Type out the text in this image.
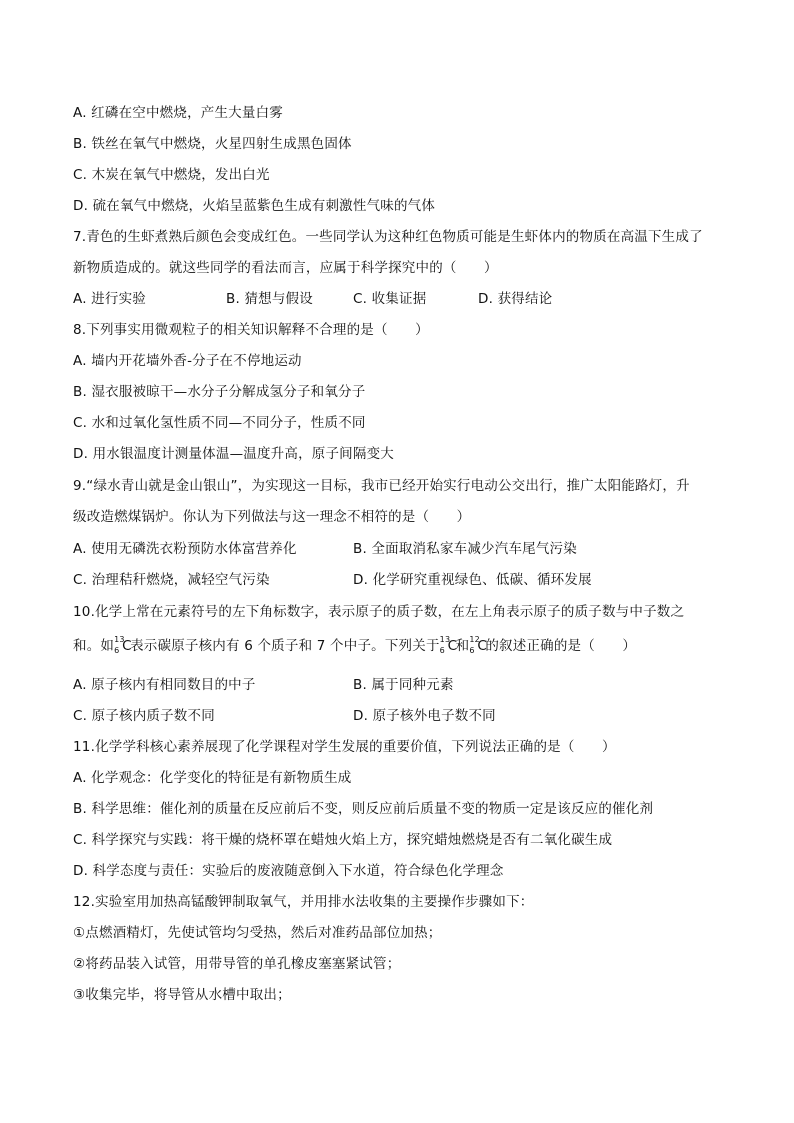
A. 红磷在空中燃烧，产生大量白雾
B. 铁丝在氧气中燃烧，火星四射生成黑色固体
C. 木炭在氧气中燃烧，发出白光
D. 硫在氧气中燃烧，火焰呈蓝紫色生成有刺激性气味的气体
7.青色的生虾煮熟后颜色会变成红色。一些同学认为这种红色物质可能是生虾体内的物质在高温下生成了
新物质造成的。就这些同学的看法而言，应属于科学探究中的（　　）
A. 进行实验	B. 猜想与假设	C. 收集证据	D. 获得结论
8.下列事实用微观粒子的相关知识解释不合理的是（　　）
A. 墙内开花墙外香-分子在不停地运动
B. 湿衣服被晾干—水分子分解成氢分子和氧分子
C. 水和过氧化氢性质不同—不同分子，性质不同
D. 用水银温度计测量体温—温度升高，原子间隔变大
9.“绿水青山就是金山银山”，为实现这一目标，我市已经开始实行电动公交出行，推广太阳能路灯，升
级改造燃煤锅炉。你认为下列做法与这一理念不相符的是（　　）
A. 使用无磷洗衣粉预防水体富营养化	B. 全面取消私家车减少汽车尾气污染
C. 治理秸秆燃烧，减轻空气污染	D. 化学研究重视绿色、低碳、循环发展
10.化学上常在元素符号的左下角标数字，表示原子的质子数，在左上角表示原子的质子数与中子数之
和。如 13
6 C
表示碳原子核内有 6 个质子和 7 个中子。下列关于 13
6 C
和 12
6 C
的叙述正确的是（　　）
A. 原子核内有相同数目的中子	B. 属于同种元素
C. 原子核内质子数不同	D. 原子核外电子数不同
11.化学学科核心素养展现了化学课程对学生发展的重要价值，下列说法正确的是（　　）
A. 化学观念：化学变化的特征是有新物质生成
B. 科学思维：催化剂的质量在反应前后不变，则反应前后质量不变的物质一定是该反应的催化剂
C. 科学探究与实践：将干燥的烧杯罩在蜡烛火焰上方，探究蜡烛燃烧是否有二氧化碳生成
D. 科学态度与责任：实验后的废液随意倒入下水道，符合绿色化学理念
12.实验室用加热高锰酸钾制取氧气，并用排水法收集的主要操作步骤如下：
①点燃酒精灯，先使试管均匀受热，然后对准药品部位加热；
②将药品装入试管，用带导管的单孔橡皮塞塞紧试管；
③收集完毕，将导管从水槽中取出；
